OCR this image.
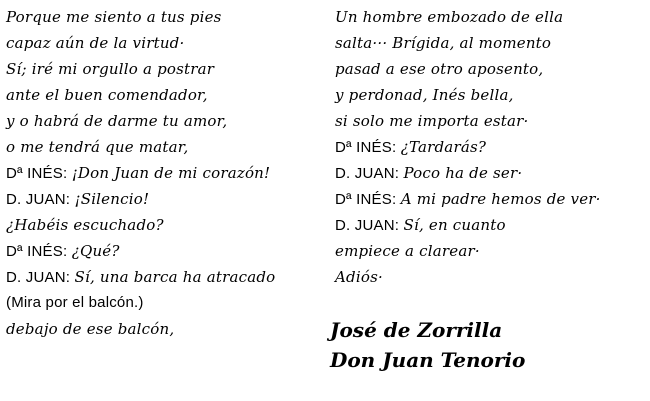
Porque me siento a tus pies
capaz aún de la virtud·
Sí; iré mi orgullo a postrar
ante el buen comendador,
y o habrá de darme tu amor,
o me tendrá que matar,
Dª INÉS: ¡Don Juan de mi corazón!
D. JUAN: ¡Silencio!
¿Habéis escuchado?
Dª INÉS: ¿Qué?
D. JUAN: Sí, una barca ha atracado
(Mira por el balcón.)
debajo de ese balcón,
Un hombre embozado de ella
salta··· Brígida, al momento
pasad a ese otro aposento,
y perdonad, Inés bella,
si solo me importa estar·
Dª INÉS: ¿Tardarás?
D. JUAN: Poco ha de ser·
Dª INÉS: A mi padre hemos de ver·
D. JUAN: Sí, en cuanto
empiece a clarear·
Adiós·
José de Zorrilla
Don Juan Tenorio
